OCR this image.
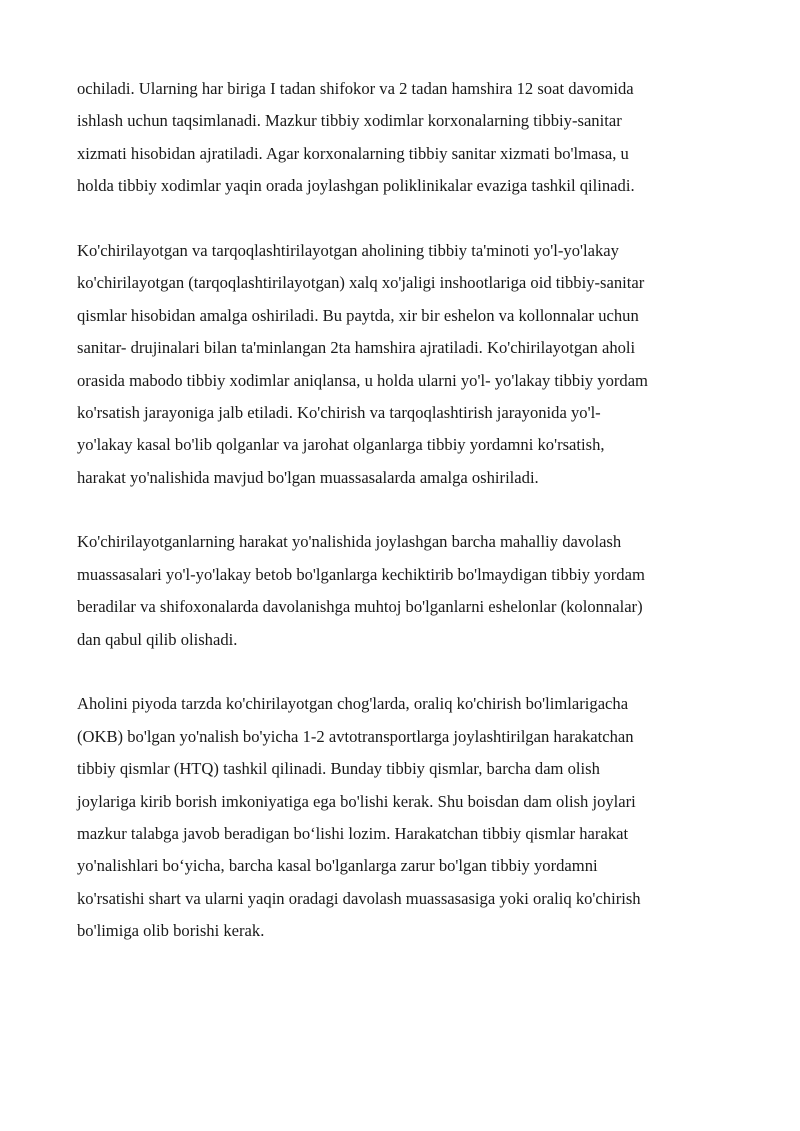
ochiladi. Ularning har biriga I tadan shifokor va 2 tadan hamshira 12 soat davomida
ishlash uchun taqsimlanadi. Mazkur tibbiy xodimlar korxonalarning tibbiy-sanitar
xizmati hisobidan ajratiladi. Agar korxonalarning tibbiy sanitar xizmati bo'lmasa, u
holda tibbiy xodimlar yaqin orada joylashgan poliklinikalar evaziga tashkil qilinadi.

Ko'chirilayotgan va tarqoqlashtirilayotgan aholining tibbiy ta'minoti yo'l-yo'lakay
ko'chirilayotgan (tarqoqlashtirilayotgan) xalq xo'jaligi inshootlariga oid tibbiy-sanitar
qismlar hisobidan amalga oshiriladi. Bu paytda, xir bir eshelon va kollonnalar uchun
sanitar- drujinalari bilan ta'minlangan 2ta hamshira ajratiladi. Ko'chirilayotgan aholi
orasida mabodo tibbiy xodimlar aniqlansa, u holda ularni yo'l- yo'lakay tibbiy yordam
ko'rsatish jarayoniga jalb etiladi. Ko'chirish va tarqoqlashtirish jarayonida yo'l-
yo'lakay kasal bo'lib qolganlar va jarohat olganlarga tibbiy yordamni ko'rsatish,
harakat yo'nalishida mavjud bo'lgan muassasalarda amalga oshiriladi.

Ko'chirilayotganlarning harakat yo'nalishida joylashgan barcha mahalliy davolash
muassasalari yo'l-yo'lakay betob bo'lganlarga kechiktirib bo'lmaydigan tibbiy yordam
beradilar va shifoxonalarda davolanishga muhtoj bo'lganlarni eshelonlar (kolonnalar)
dan qabul qilib olishadi.

Aholini piyoda tarzda ko'chirilayotgan chog'larda, oraliq ko'chirish bo'limlarigacha
(OKB) bo'lgan yo'nalish bo'yicha 1-2 avtotransportlarga joylashtirilgan harakatchan
tibbiy qismlar (HTQ) tashkil qilinadi. Bunday tibbiy qismlar, barcha dam olish
joylariga kirib borish imkoniyatiga ega bo'lishi kerak. Shu boisdan dam olish joylari
mazkur talabga javob beradigan bo‘lishi lozim. Harakatchan tibbiy qismlar harakat
yo'nalishlari bo‘yicha, barcha kasal bo'lganlarga zarur bo'lgan tibbiy yordamni
ko'rsatishi shart va ularni yaqin oradagi davolash muassasasiga yoki oraliq ko'chirish
bo'limiga olib borishi kerak.
